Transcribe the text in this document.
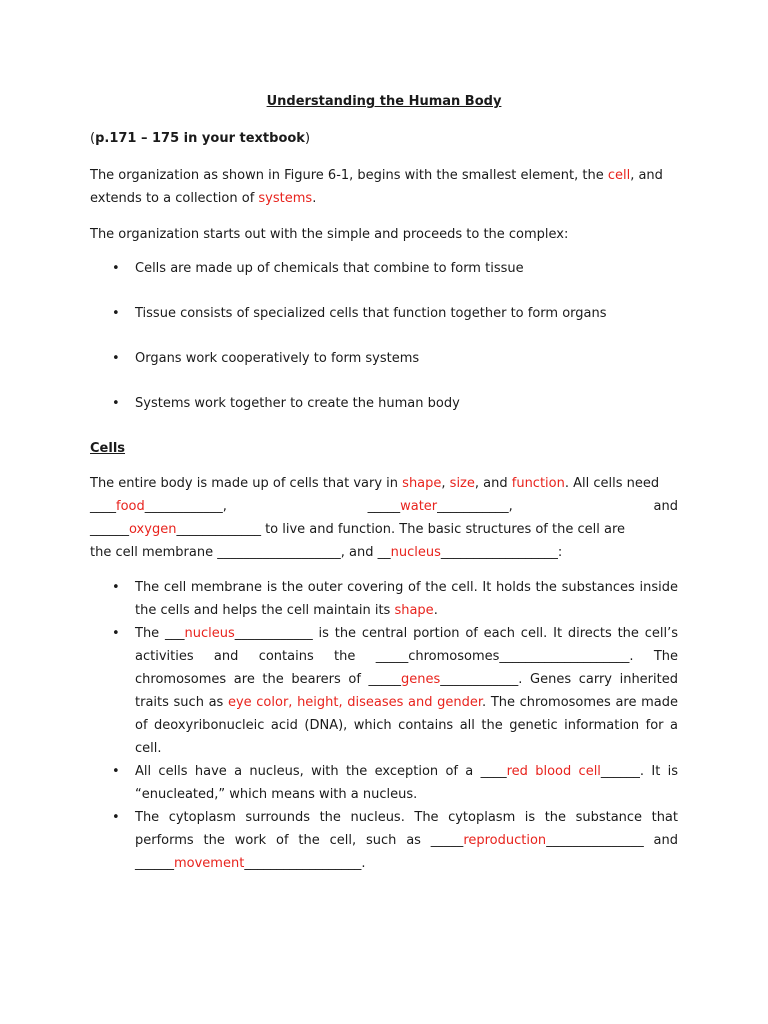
Understanding the Human Body

(p.171 – 175 in your textbook)

The organization as shown in Figure 6-1, begins with the smallest element, the cell, and extends to a collection of systems.

The organization starts out with the simple and proceeds to the complex:

• Cells are made up of chemicals that combine to form tissue
• Tissue consists of specialized cells that function together to form organs
• Organs work cooperatively to form systems
• Systems work together to create the human body

Cells

The entire body is made up of cells that vary in shape, size, and function. All cells need
____food____________,	_____water___________,	and
______oxygen_____________ to live and function. The basic structures of the cell are
the cell membrane ___________________, and __nucleus__________________:
• The cell membrane is the outer covering of the cell. It holds the substances inside the cells and helps the cell maintain its shape.
• The ___nucleus____________ is the central portion of each cell. It directs the cell’s activities and contains the _____chromosomes____________________. The chromosomes are the bearers of _____genes____________. Genes carry inherited traits such as eye color, height, diseases and gender. The chromosomes are made of deoxyribonucleic acid (DNA), which contains all the genetic information for a cell.
• All cells have a nucleus, with the exception of a ____red blood cell______. It is “enucleated,” which means with a nucleus.
• The cytoplasm surrounds the nucleus. The cytoplasm is the substance that performs the work of the cell, such as _____reproduction_______________ and ______movement__________________.
